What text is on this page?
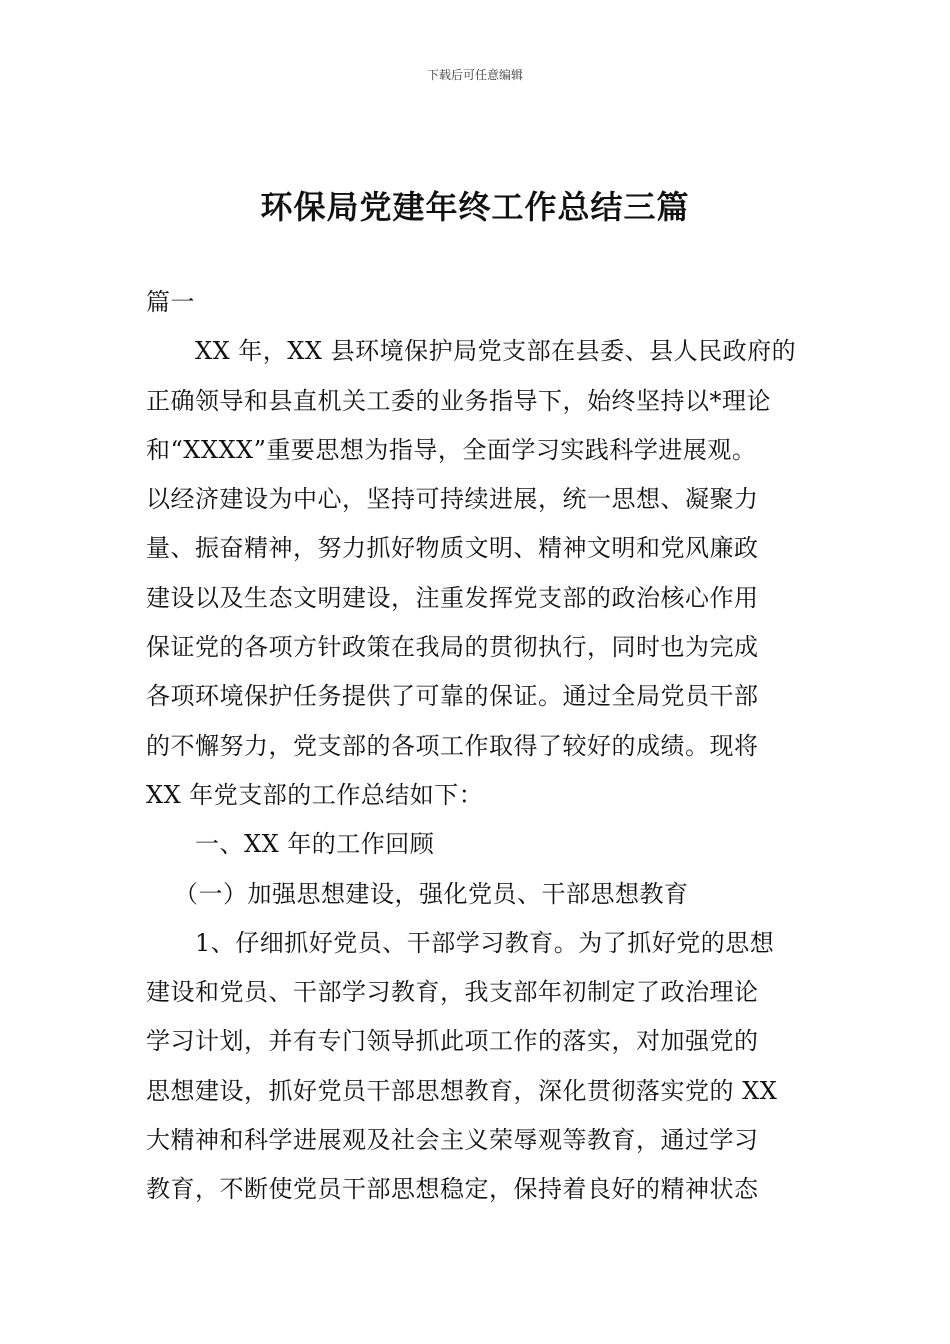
下载后可任意编辑
环保局党建年终工作总结三篇
篇一
XX 年，XX 县环境保护局党支部在县委、县人民政府的
正确领导和县直机关工委的业务指导下，始终坚持以*理论
和“XXXX”重要思想为指导，全面学习实践科学进展观。
以经济建设为中心，坚持可持续进展，统一思想、凝聚力
量、振奋精神，努力抓好物质文明、精神文明和党风廉政
建设以及生态文明建设，注重发挥党支部的政治核心作用
保证党的各项方针政策在我局的贯彻执行，同时也为完成
各项环境保护任务提供了可靠的保证。通过全局党员干部
的不懈努力，党支部的各项工作取得了较好的成绩。现将
XX 年党支部的工作总结如下：
一、XX 年的工作回顾
（一）加强思想建设，强化党员、干部思想教育
1、仔细抓好党员、干部学习教育。为了抓好党的思想
建设和党员、干部学习教育，我支部年初制定了政治理论
学习计划，并有专门领导抓此项工作的落实，对加强党的
思想建设，抓好党员干部思想教育，深化贯彻落实党的 XX
大精神和科学进展观及社会主义荣辱观等教育，通过学习
教育，不断使党员干部思想稳定，保持着良好的精神状态
